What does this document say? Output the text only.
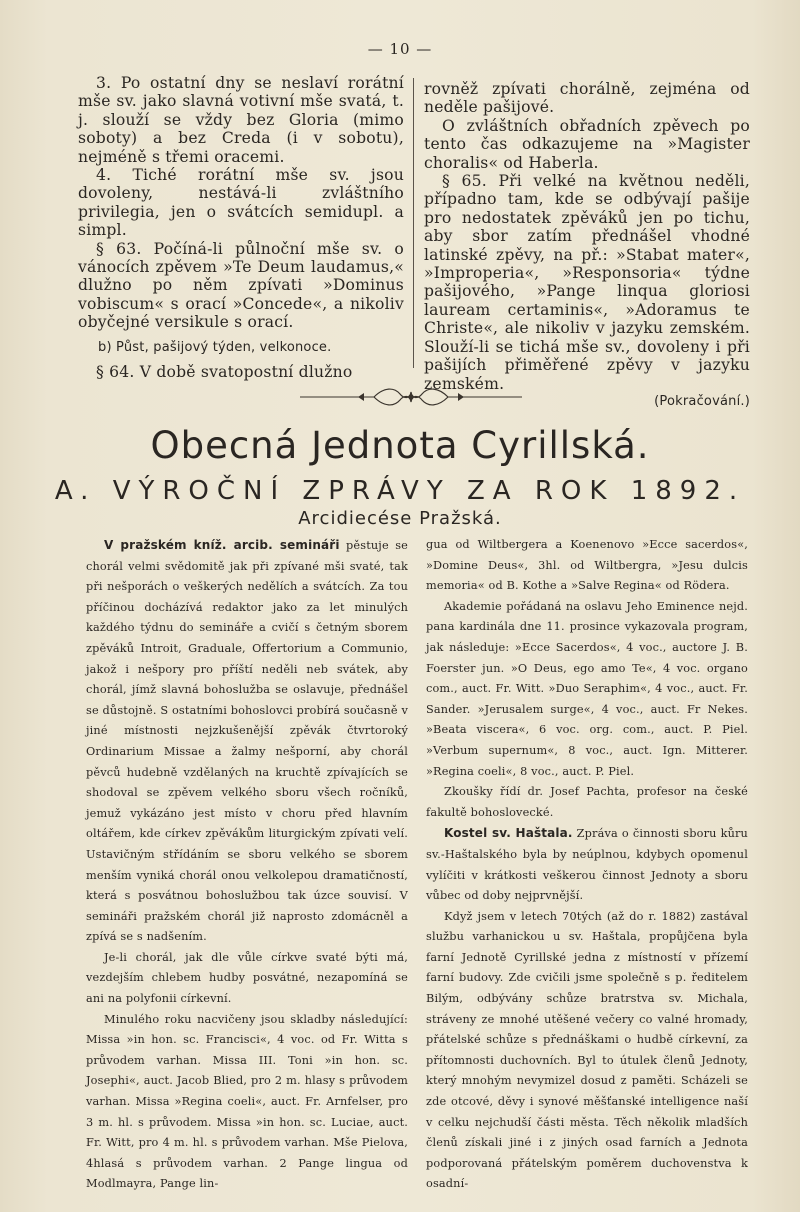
— 10 —

3. Po ostatní dny se neslaví rorátní mše sv. jako slavná votivní mše svatá, t. j. slouží se vždy bez Gloria (mimo soboty) a bez Creda (i v sobotu), nejméně s třemi oracemi.

4. Tiché rorátní mše sv. jsou dovoleny, nestává-li zvláštního privilegia, jen o svátcích semidupl. a simpl.

§ 63. Počíná-li půlnoční mše sv. o vánocích zpěvem »Te Deum laudamus,« dlužno po něm zpívati »Dominus vobiscum« s orací »Concede«, a nikoliv obyčejné versikule s orací.

b) Půst, pašijový týden, velkonoce.

§ 64. V době svatopostní dlužno

rovněž zpívati chorálně, zejména od neděle pašijové.

O zvláštních obřadních zpěvech po tento čas odkazujeme na »Magister choralis« od Haberla.

§ 65. Při velké na květnou neděli, případno tam, kde se odbývají pašije pro nedostatek zpěváků jen po tichu, aby sbor zatím přednášel vhodné latinské zpěvy, na př.: »Stabat mater«, »Improperia«, »Responsoria« týdne pašijového, »Pange linqua gloriosi lauream certaminis«, »Adoramus te Christe«, ale nikoliv v jazyku zemském. Slouží-li se tichá mše sv., dovoleny i při pašijích přiměřené zpěvy v jazyku zemském.

(Pokračování.)

Obecná Jednota Cyrillská.
A. VÝROČNÍ ZPRÁVY ZA ROK 1892.
Arcidiecése Pražská.

V pražském kníž. arcib. semináři pěstuje se chorál velmi svědomitě jak při zpívané mši svaté, tak při nešporách o veškerých nedělích a svátcích. Za tou příčinou docházívá redaktor jako za let minulých každého týdnu do semináře a cvičí s četným sborem zpěváků Introit, Graduale, Offertorium a Communio, jakož i nešpory pro příští neděli neb svátek, aby chorál, jímž slavná bohoslužba se oslavuje, přednášel se důstojně. S ostatními bohoslovci probírá současně v jiné místnosti nejzkušenější zpěvák čtvrtoroký Ordinarium Missae a žalmy nešporní, aby chorál pěvců hudebně vzdělaných na kruchtě zpívajících se shodoval se zpěvem velkého sboru všech ročníků, jemuž vykázáno jest místo v choru před hlavním oltářem, kde církev zpěvákům liturgickým zpívati velí. Ustavičným střídáním se sboru velkého se sborem menším vyniká chorál onou velkolepou dramatičností, která s posvátnou bohoslužbou tak úzce souvisí. V semináři pražském chorál již naprosto zdomácněl a zpívá se s nadšením.

Je-li chorál, jak dle vůle církve svaté býti má, vezdejším chlebem hudby posvátné, nezapomíná se ani na polyfonii církevní.

Minulého roku nacvičeny jsou skladby následující: Missa »in hon. sc. Francisci«, 4 voc. od Fr. Witta s průvodem varhan. Missa III. Toni »in hon. sc. Josephi«, auct. Jacob Blied, pro 2 m. hlasy s průvodem varhan. Missa »Regina coeli«, auct. Fr. Arnfelser, pro 3 m. hl. s průvodem. Missa »in hon. sc. Luciae, auct. Fr. Witt, pro 4 m. hl. s průvodem varhan. Mše Pielova, 4hlasá s průvodem varhan. 2 Pange lingua od Modlmayra, Pange lin-

gua od Wiltbergera a Koenenovo »Ecce sacerdos«, »Domine Deus«, 3hl. od Wiltbergra, »Jesu dulcis memoria« od B. Kothe a »Salve Regina« od Rödera.

Akademie pořádaná na oslavu Jeho Eminence nejd. pana kardinála dne 11. prosince vykazovala program, jak následuje: »Ecce Sacerdos«, 4 voc., auctore J. B. Foerster jun. »O Deus, ego amo Te«, 4 voc. organo com., auct. Fr. Witt. »Duo Seraphim«, 4 voc., auct. Fr. Sander. »Jerusalem surge«, 4 voc., auct. Fr Nekes. »Beata viscera«, 6 voc. org. com., auct. P. Piel. »Verbum supernum«, 8 voc., auct. Ign. Mitterer. »Regina coeli«, 8 voc., auct. P. Piel.

Zkoušky řídí dr. Josef Pachta, profesor na české fakultě bohoslovecké.

Kostel sv. Haštala. Zpráva o činnosti sboru kůru sv.-Haštalského byla by neúplnou, kdybych opomenul vylíčiti v krátkosti veškerou činnost Jednoty a sboru vůbec od doby nejprvnější.

Když jsem v letech 70tých (až do r. 1882) zastával službu varhanickou u sv. Haštala, propůjčena byla farní Jednotě Cyrillské jedna z místností v přízemí farní budovy. Zde cvičili jsme společně s p. ředitelem Bilým, odbývány schůze bratrstva sv. Michala, stráveny ze mnohé utěšené večery co valné hromady, přátelské schůze s přednáškami o hudbě církevní, za přítomnosti duchovních. Byl to útulek členů Jednoty, který mnohým nevymizel dosud z paměti. Scházeli se zde otcové, děvy i synové měšťanské intelligence naší v celku nejchudší části města. Těch několik mladších členů získali jiné i z jiných osad farních a Jednota podporovaná přátelským poměrem duchovenstva k osadní-
